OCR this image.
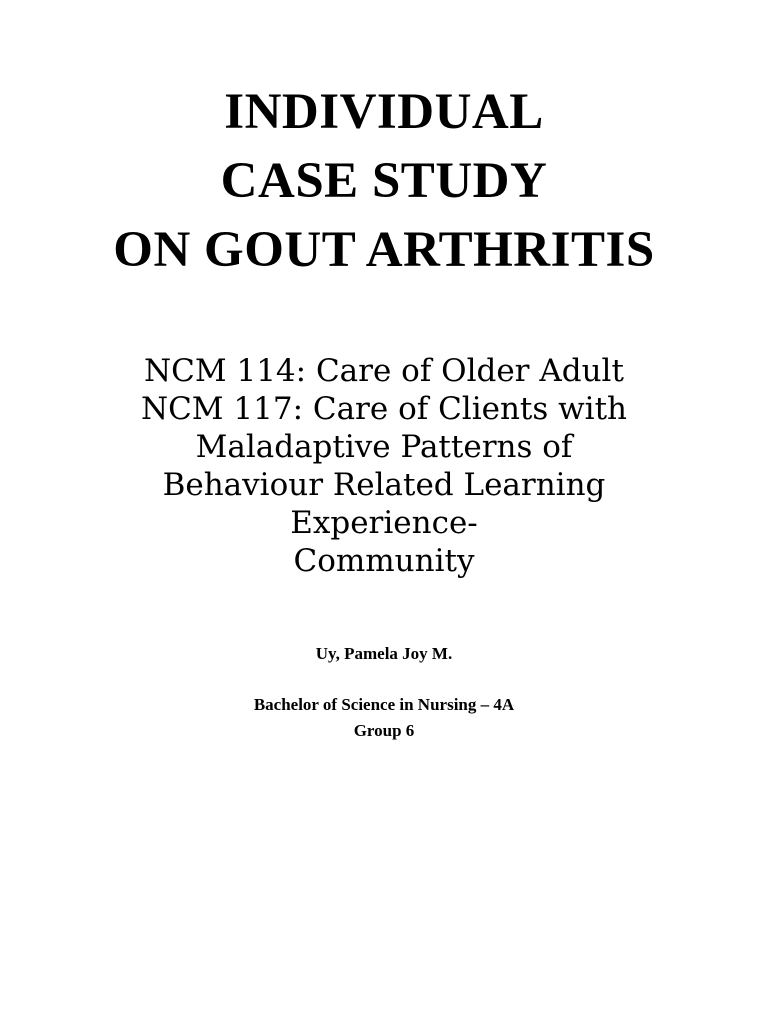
INDIVIDUAL
CASE STUDY
ON GOUT ARTHRITIS
NCM 114: Care of Older Adult
NCM 117: Care of Clients with
Maladaptive Patterns of
Behaviour Related Learning
Experience-
Community
Uy, Pamela Joy M.
Bachelor of Science in Nursing – 4A
Group 6
